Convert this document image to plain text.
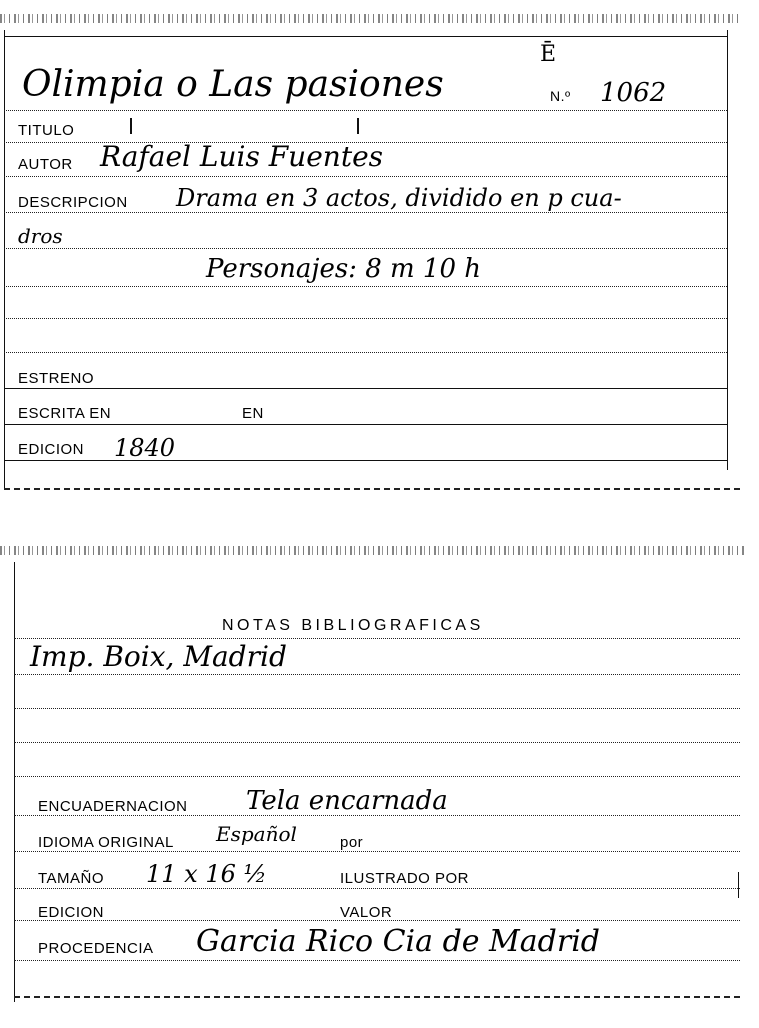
Olimpia o Las pasiones
Ē
N.º 1062
TITULO
AUTOR Rafael Luis Fuentes
DESCRIPCION Drama en 3 actos, dividido en p cua-
dros
Personajes: 8 m 10 h
ESTRENO
ESCRITA EN	EN
EDICION 1840
NOTAS BIBLIOGRAFICAS
Imp. Boix, Madrid
ENCUADERNACION Tela encarnada
IDIOMA ORIGINAL Español	por
TAMAÑO 11 x 16 ½	ILUSTRADO POR
EDICION	VALOR
PROCEDENCIA Garcia Rico Cia de Madrid
